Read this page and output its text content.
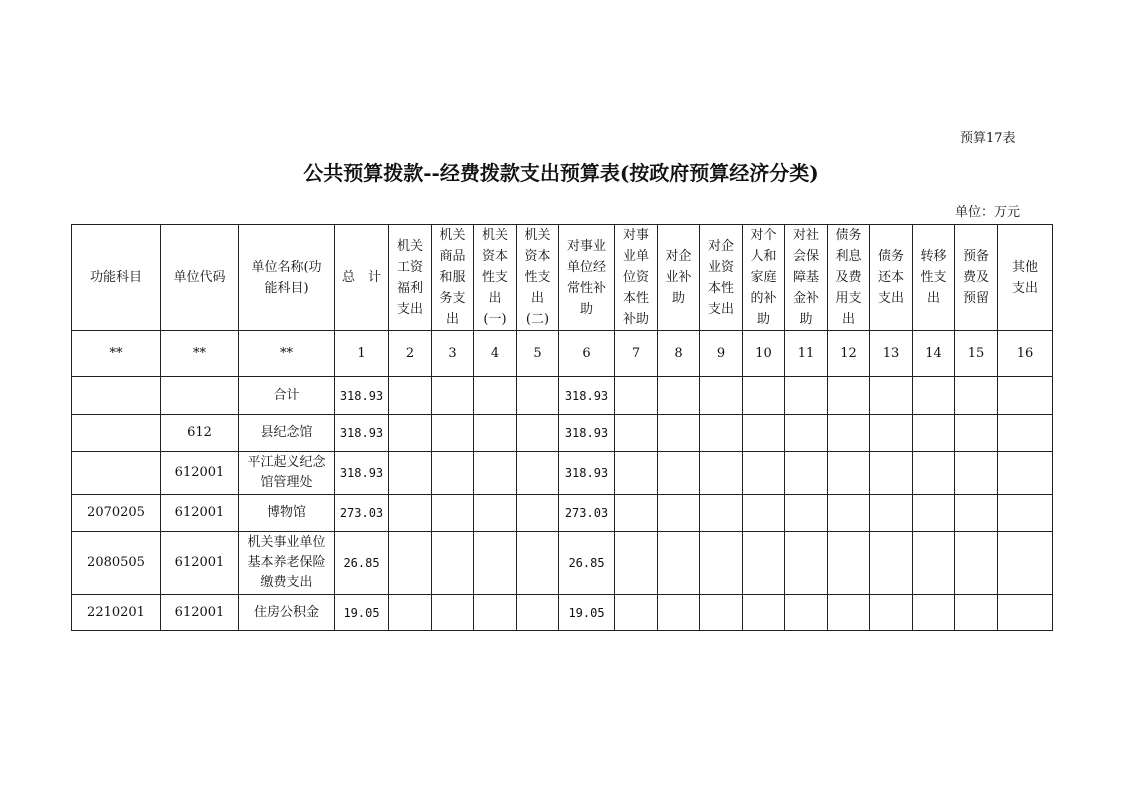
预算17表
公共预算拨款--经费拨款支出预算表(按政府预算经济分类)
单位：万元
功能科目	单位代码	单位名称(功能科目)	总　计	机关工资福利支出	机关商品和服务支出	机关资本性支出(一)	机关资本性支出(二)	对事业单位经常性补助	对事业单位资本性补助	对企业补助	对企业资本性支出	对个人和家庭的补助	对社会保障基金补助	债务利息及费用支出	债务还本支出	转移性支出	预备费及预留	其他支出

**	**	**	1	2	3	4	5	6	7	8	9	10	11	12	13	14	15	16

		合计	318.93					318.93										
	612	县纪念馆	318.93					318.93										
	612001	平江起义纪念馆管理处	318.93					318.93										
2070205	612001	博物馆	273.03					273.03										
2080505	612001	机关事业单位基本养老保险缴费支出	26.85					26.85										
2210201	612001	住房公积金	19.05					19.05										
